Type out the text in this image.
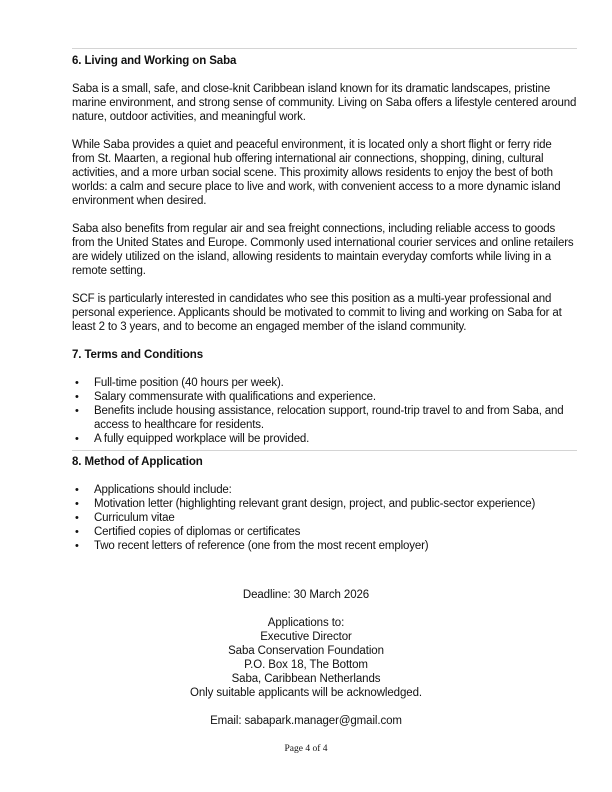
6. Living and Working on Saba

Saba is a small, safe, and close-knit Caribbean island known for its dramatic landscapes, pristine marine environment, and strong sense of community. Living on Saba offers a lifestyle centered around nature, outdoor activities, and meaningful work.

While Saba provides a quiet and peaceful environment, it is located only a short flight or ferry ride from St. Maarten, a regional hub offering international air connections, shopping, dining, cultural activities, and a more urban social scene. This proximity allows residents to enjoy the best of both worlds: a calm and secure place to live and work, with convenient access to a more dynamic island environment when desired.

Saba also benefits from regular air and sea freight connections, including reliable access to goods from the United States and Europe. Commonly used international courier services and online retailers are widely utilized on the island, allowing residents to maintain everyday comforts while living in a remote setting.

SCF is particularly interested in candidates who see this position as a multi-year professional and personal experience. Applicants should be motivated to commit to living and working on Saba for at least 2 to 3 years, and to become an engaged member of the island community.

7. Terms and Conditions
• Full-time position (40 hours per week).
• Salary commensurate with qualifications and experience.
• Benefits include housing assistance, relocation support, round-trip travel to and from Saba, and access to healthcare for residents.
• A fully equipped workplace will be provided.
8. Method of Application
• Applications should include:
• Motivation letter (highlighting relevant grant design, project, and public-sector experience)
• Curriculum vitae
• Certified copies of diplomas or certificates
• Two recent letters of reference (one from the most recent employer)
Deadline: 30 March 2026
Applications to:
Executive Director
Saba Conservation Foundation
P.O. Box 18, The Bottom
Saba, Caribbean Netherlands
Only suitable applicants will be acknowledged.
Email: sabapark.manager@gmail.com
Page 4 of 4
